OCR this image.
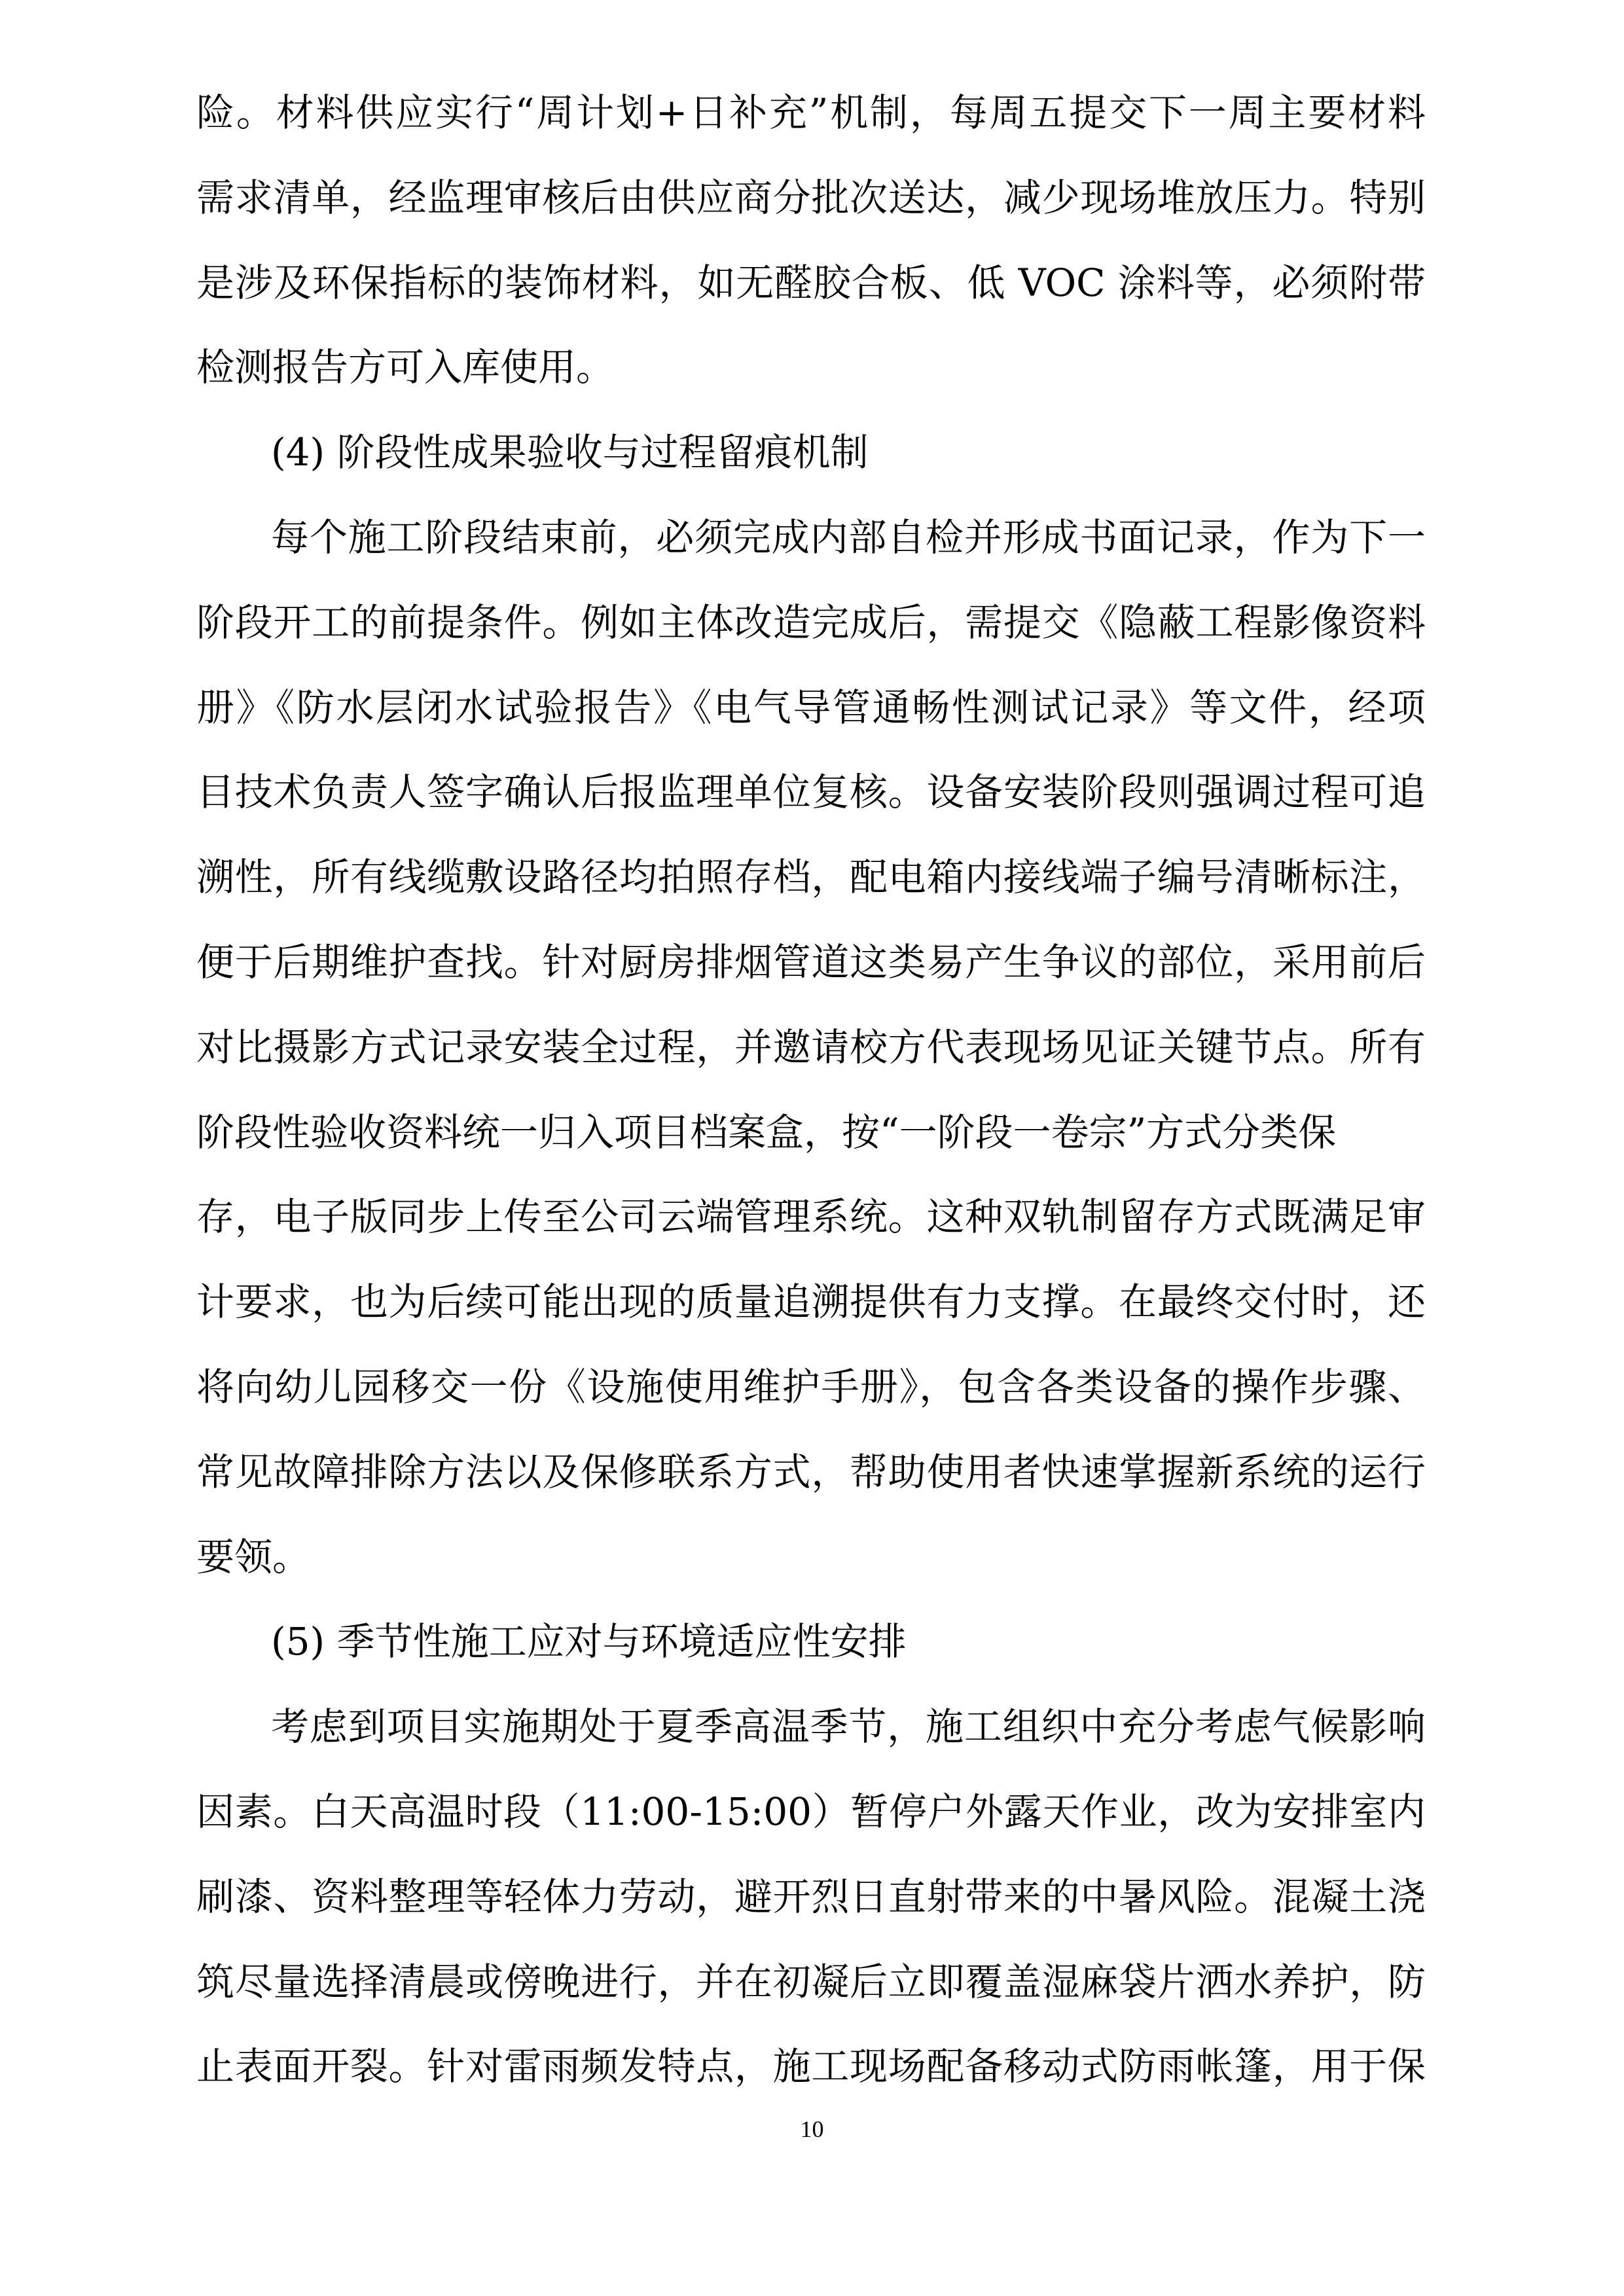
险。材料供应实行“周计划+日补充”机制，每周五提交下一周主要材料
需求清单，经监理审核后由供应商分批次送达，减少现场堆放压力。特别
是涉及环保指标的装饰材料，如无醛胶合板、低 VOC 涂料等，必须附带
检测报告方可入库使用。
(4) 阶段性成果验收与过程留痕机制
每个施工阶段结束前，必须完成内部自检并形成书面记录，作为下一
阶段开工的前提条件。例如主体改造完成后，需提交《隐蔽工程影像资料
册》《防水层闭水试验报告》《电气导管通畅性测试记录》等文件，经项
目技术负责人签字确认后报监理单位复核。设备安装阶段则强调过程可追
溯性，所有线缆敷设路径均拍照存档，配电箱内接线端子编号清晰标注，
便于后期维护查找。针对厨房排烟管道这类易产生争议的部位，采用前后
对比摄影方式记录安装全过程，并邀请校方代表现场见证关键节点。所有
阶段性验收资料统一归入项目档案盒，按“一阶段一卷宗”方式分类保
存，电子版同步上传至公司云端管理系统。这种双轨制留存方式既满足审
计要求，也为后续可能出现的质量追溯提供有力支撑。在最终交付时，还
将向幼儿园移交一份《设施使用维护手册》，包含各类设备的操作步骤、
常见故障排除方法以及保修联系方式，帮助使用者快速掌握新系统的运行
要领。
(5) 季节性施工应对与环境适应性安排
考虑到项目实施期处于夏季高温季节，施工组织中充分考虑气候影响
因素。白天高温时段（11:00-15:00）暂停户外露天作业，改为安排室内
刷漆、资料整理等轻体力劳动，避开烈日直射带来的中暑风险。混凝土浇
筑尽量选择清晨或傍晚进行，并在初凝后立即覆盖湿麻袋片洒水养护，防
止表面开裂。针对雷雨频发特点，施工现场配备移动式防雨帐篷，用于保
10
